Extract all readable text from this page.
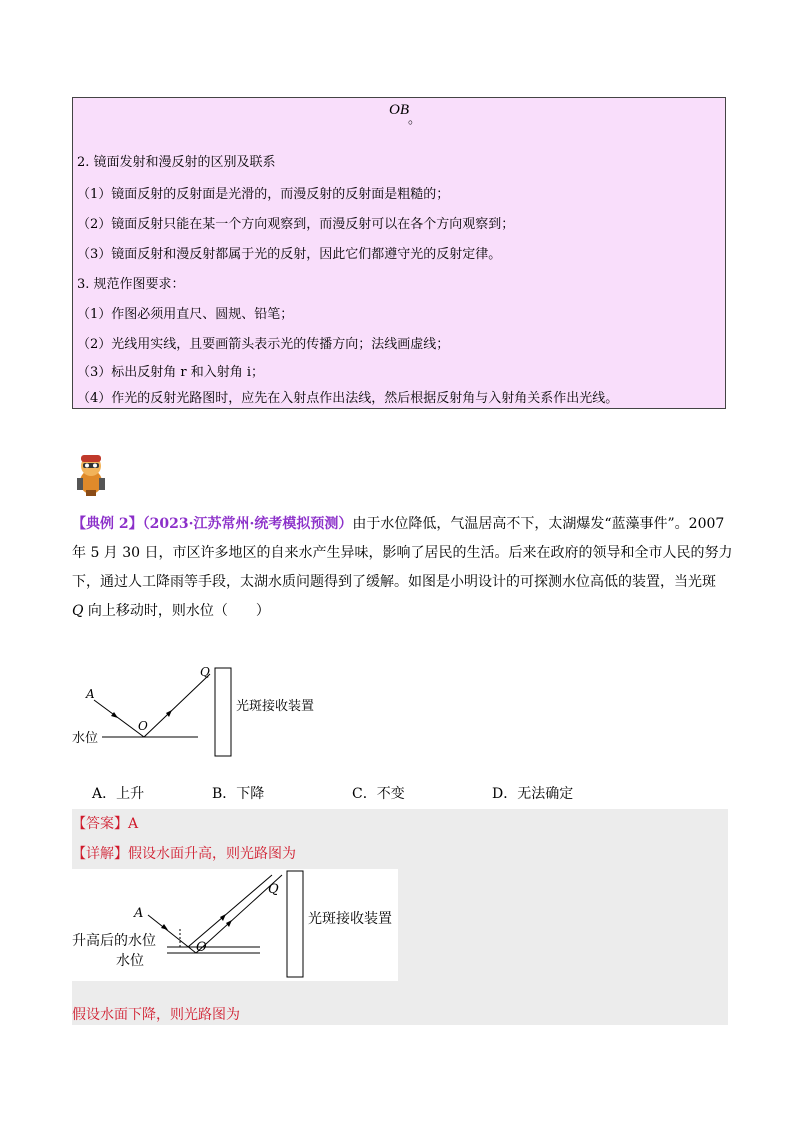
OB
。
2. 镜面发射和漫反射的区别及联系
（1）镜面反射的反射面是光滑的，而漫反射的反射面是粗糙的；
（2）镜面反射只能在某一个方向观察到，而漫反射可以在各个方向观察到；
（3）镜面反射和漫反射都属于光的反射，因此它们都遵守光的反射定律。
3. 规范作图要求：
（1）作图必须用直尺、圆规、铅笔；
（2）光线用实线，且要画箭头表示光的传播方向；法线画虚线；
（3）标出反射角 r 和入射角 i；
（4）作光的反射光路图时，应先在入射点作出法线，然后根据反射角与入射角关系作出光线。
【典例 2】（2023·江苏常州·统考模拟预测）由于水位降低，气温居高不下，太湖爆发“蓝藻事件”。2007
年 5 月 30 日，市区许多地区的自来水产生异味，影响了居民的生活。后来在政府的领导和全市人民的努力
下，通过人工降雨等手段，太湖水质问题得到了缓解。如图是小明设计的可探测水位高低的装置，当光斑
Q 向上移动时，则水位（　　）
A
O
Q
水位
光斑接收装置
A．上升	B．下降	C．不变	D．无法确定
【答案】A
【详解】假设水面升高，则光路图为
A
O
Q
升高后的水位
水位
光斑接收装置
假设水面下降，则光路图为
